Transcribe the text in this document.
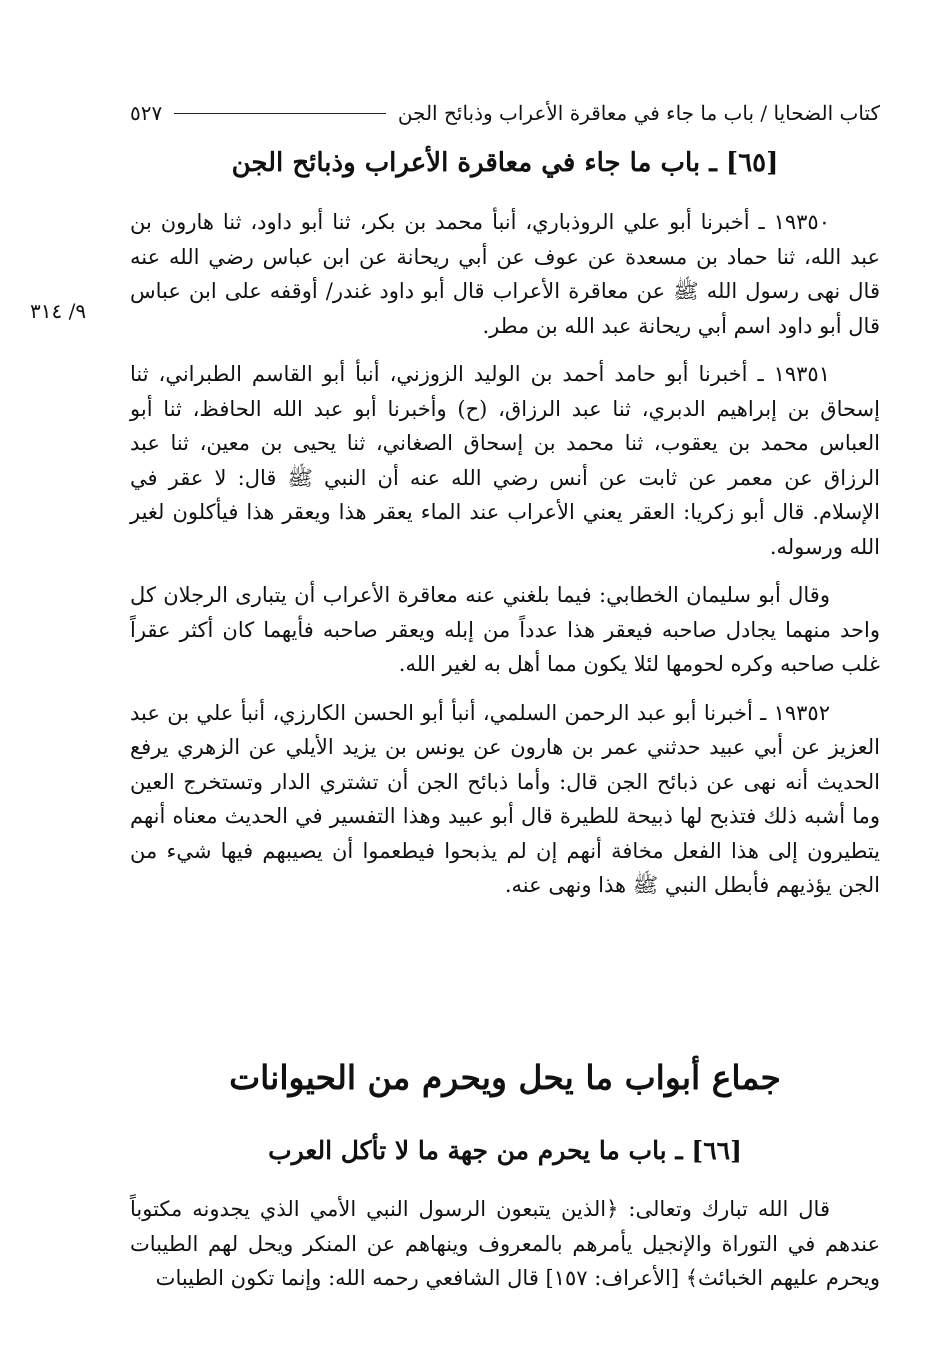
كتاب الضحايا / باب ما جاء في معاقرة الأعراب وذبائح الجن
٥٢٧
[٦٥] ـ باب ما جاء في معاقرة الأعراب وذبائح الجن
٩/ ٣١٤

١٩٣٥٠ ـ أخبرنا أبو علي الروذباري، أنبأ محمد بن بكر، ثنا أبو داود، ثنا هارون بن عبد الله، ثنا حماد بن مسعدة عن عوف عن أبي ريحانة عن ابن عباس رضي الله عنه قال نهى رسول الله ﷺ عن معاقرة الأعراب قال أبو داود غندر/ أوقفه على ابن عباس قال أبو داود اسم أبي ريحانة عبد الله بن مطر.

١٩٣٥١ ـ أخبرنا أبو حامد أحمد بن الوليد الزوزني، أنبأ أبو القاسم الطبراني، ثنا إسحاق بن إبراهيم الدبري، ثنا عبد الرزاق، (ح) وأخبرنا أبو عبد الله الحافظ، ثنا أبو العباس محمد بن يعقوب، ثنا محمد بن إسحاق الصغاني، ثنا يحيى بن معين، ثنا عبد الرزاق عن معمر عن ثابت عن أنس رضي الله عنه أن النبي ﷺ قال: لا عقر في الإسلام. قال أبو زكريا: العقر يعني الأعراب عند الماء يعقر هذا ويعقر هذا فيأكلون لغير الله ورسوله.

وقال أبو سليمان الخطابي: فيما بلغني عنه معاقرة الأعراب أن يتبارى الرجلان كل واحد منهما يجادل صاحبه فيعقر هذا عدداً من إبله ويعقر صاحبه فأيهما كان أكثر عقراً غلب صاحبه وكره لحومها لئلا يكون مما أهل به لغير الله.

١٩٣٥٢ ـ أخبرنا أبو عبد الرحمن السلمي، أنبأ أبو الحسن الكارزي، أنبأ علي بن عبد العزيز عن أبي عبيد حدثني عمر بن هارون عن يونس بن يزيد الأيلي عن الزهري يرفع الحديث أنه نهى عن ذبائح الجن قال: وأما ذبائح الجن أن تشتري الدار وتستخرج العين وما أشبه ذلك فتذبح لها ذبيحة للطيرة قال أبو عبيد وهذا التفسير في الحديث معناه أنهم يتطيرون إلى هذا الفعل مخافة أنهم إن لم يذبحوا فيطعموا أن يصيبهم فيها شيء من الجن يؤذيهم فأبطل النبي ﷺ هذا ونهى عنه.

جماع أبواب ما يحل ويحرم من الحيوانات
[٦٦] ـ باب ما يحرم من جهة ما لا تأكل العرب

قال الله تبارك وتعالى: ﴿الذين يتبعون الرسول النبي الأمي الذي يجدونه مكتوباً عندهم في التوراة والإنجيل يأمرهم بالمعروف وينهاهم عن المنكر ويحل لهم الطيبات ويحرم عليهم الخبائث﴾ [الأعراف: ١٥٧] قال الشافعي رحمه الله: وإنما تكون الطيبات
